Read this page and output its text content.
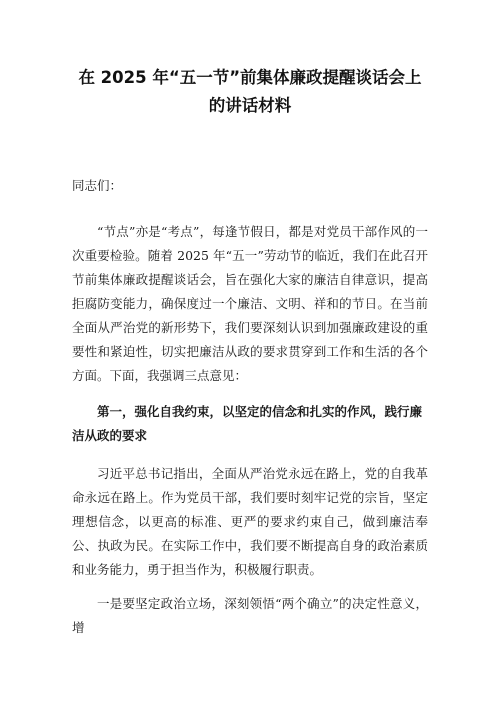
在 2025 年“五一节”前集体廉政提醒谈话会上的讲话材料

同志们：

“节点”亦是“考点”，每逢节假日，都是对党员干部作风的一次重要检验。随着 2025 年“五一”劳动节的临近，我们在此召开节前集体廉政提醒谈话会，旨在强化大家的廉洁自律意识，提高拒腐防变能力，确保度过一个廉洁、文明、祥和的节日。在当前全面从严治党的新形势下，我们要深刻认识到加强廉政建设的重要性和紧迫性，切实把廉洁从政的要求贯穿到工作和生活的各个方面。下面，我强调三点意见：

第一，强化自我约束，以坚定的信念和扎实的作风，践行廉洁从政的要求

习近平总书记指出，全面从严治党永远在路上，党的自我革命永远在路上。作为党员干部，我们要时刻牢记党的宗旨，坚定理想信念，以更高的标准、更严的要求约束自己，做到廉洁奉公、执政为民。在实际工作中，我们要不断提高自身的政治素质和业务能力，勇于担当作为，积极履行职责。

一是要坚定政治立场，深刻领悟“两个确立”的决定性意义，增
